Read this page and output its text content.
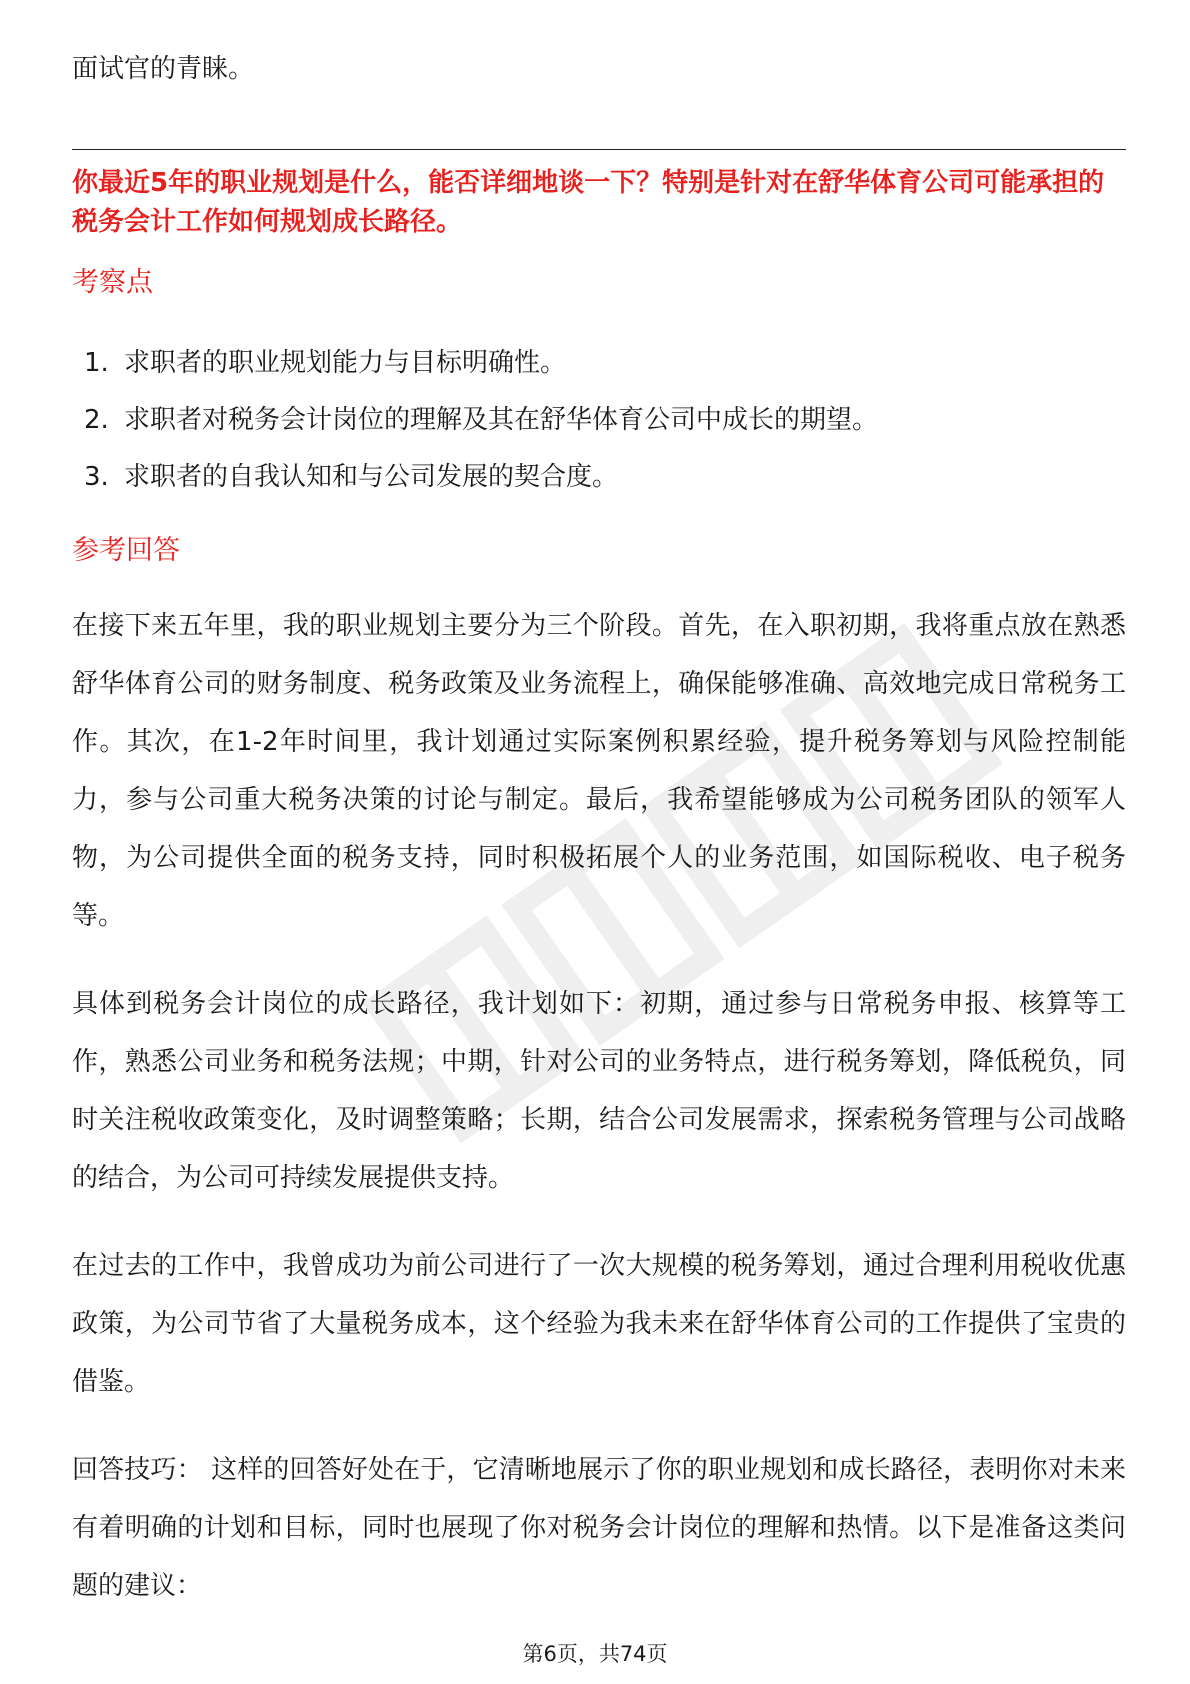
面试官的青睐。

你最近5年的职业规划是什么，能否详细地谈一下？特别是针对在舒华体育公司可能承担的税务会计工作如何规划成长路径。

考察点

1. 求职者的职业规划能力与目标明确性。
2. 求职者对税务会计岗位的理解及其在舒华体育公司中成长的期望。
3. 求职者的自我认知和与公司发展的契合度。

参考回答

在接下来五年里，我的职业规划主要分为三个阶段。首先，在入职初期，我将重点放在熟悉舒华体育公司的财务制度、税务政策及业务流程上，确保能够准确、高效地完成日常税务工作。其次，在1-2年时间里，我计划通过实际案例积累经验，提升税务筹划与风险控制能力，参与公司重大税务决策的讨论与制定。最后，我希望能够成为公司税务团队的领军人物，为公司提供全面的税务支持，同时积极拓展个人的业务范围，如国际税收、电子税务等。

具体到税务会计岗位的成长路径，我计划如下：初期，通过参与日常税务申报、核算等工作，熟悉公司业务和税务法规；中期，针对公司的业务特点，进行税务筹划，降低税负，同时关注税收政策变化，及时调整策略；长期，结合公司发展需求，探索税务管理与公司战略的结合，为公司可持续发展提供支持。

在过去的工作中，我曾成功为前公司进行了一次大规模的税务筹划，通过合理利用税收优惠政策，为公司节省了大量税务成本，这个经验为我未来在舒华体育公司的工作提供了宝贵的借鉴。

回答技巧： 这样的回答好处在于，它清晰地展示了你的职业规划和成长路径，表明你对未来有着明确的计划和目标，同时也展现了你对税务会计岗位的理解和热情。以下是准备这类问题的建议：

第6页，共74页
